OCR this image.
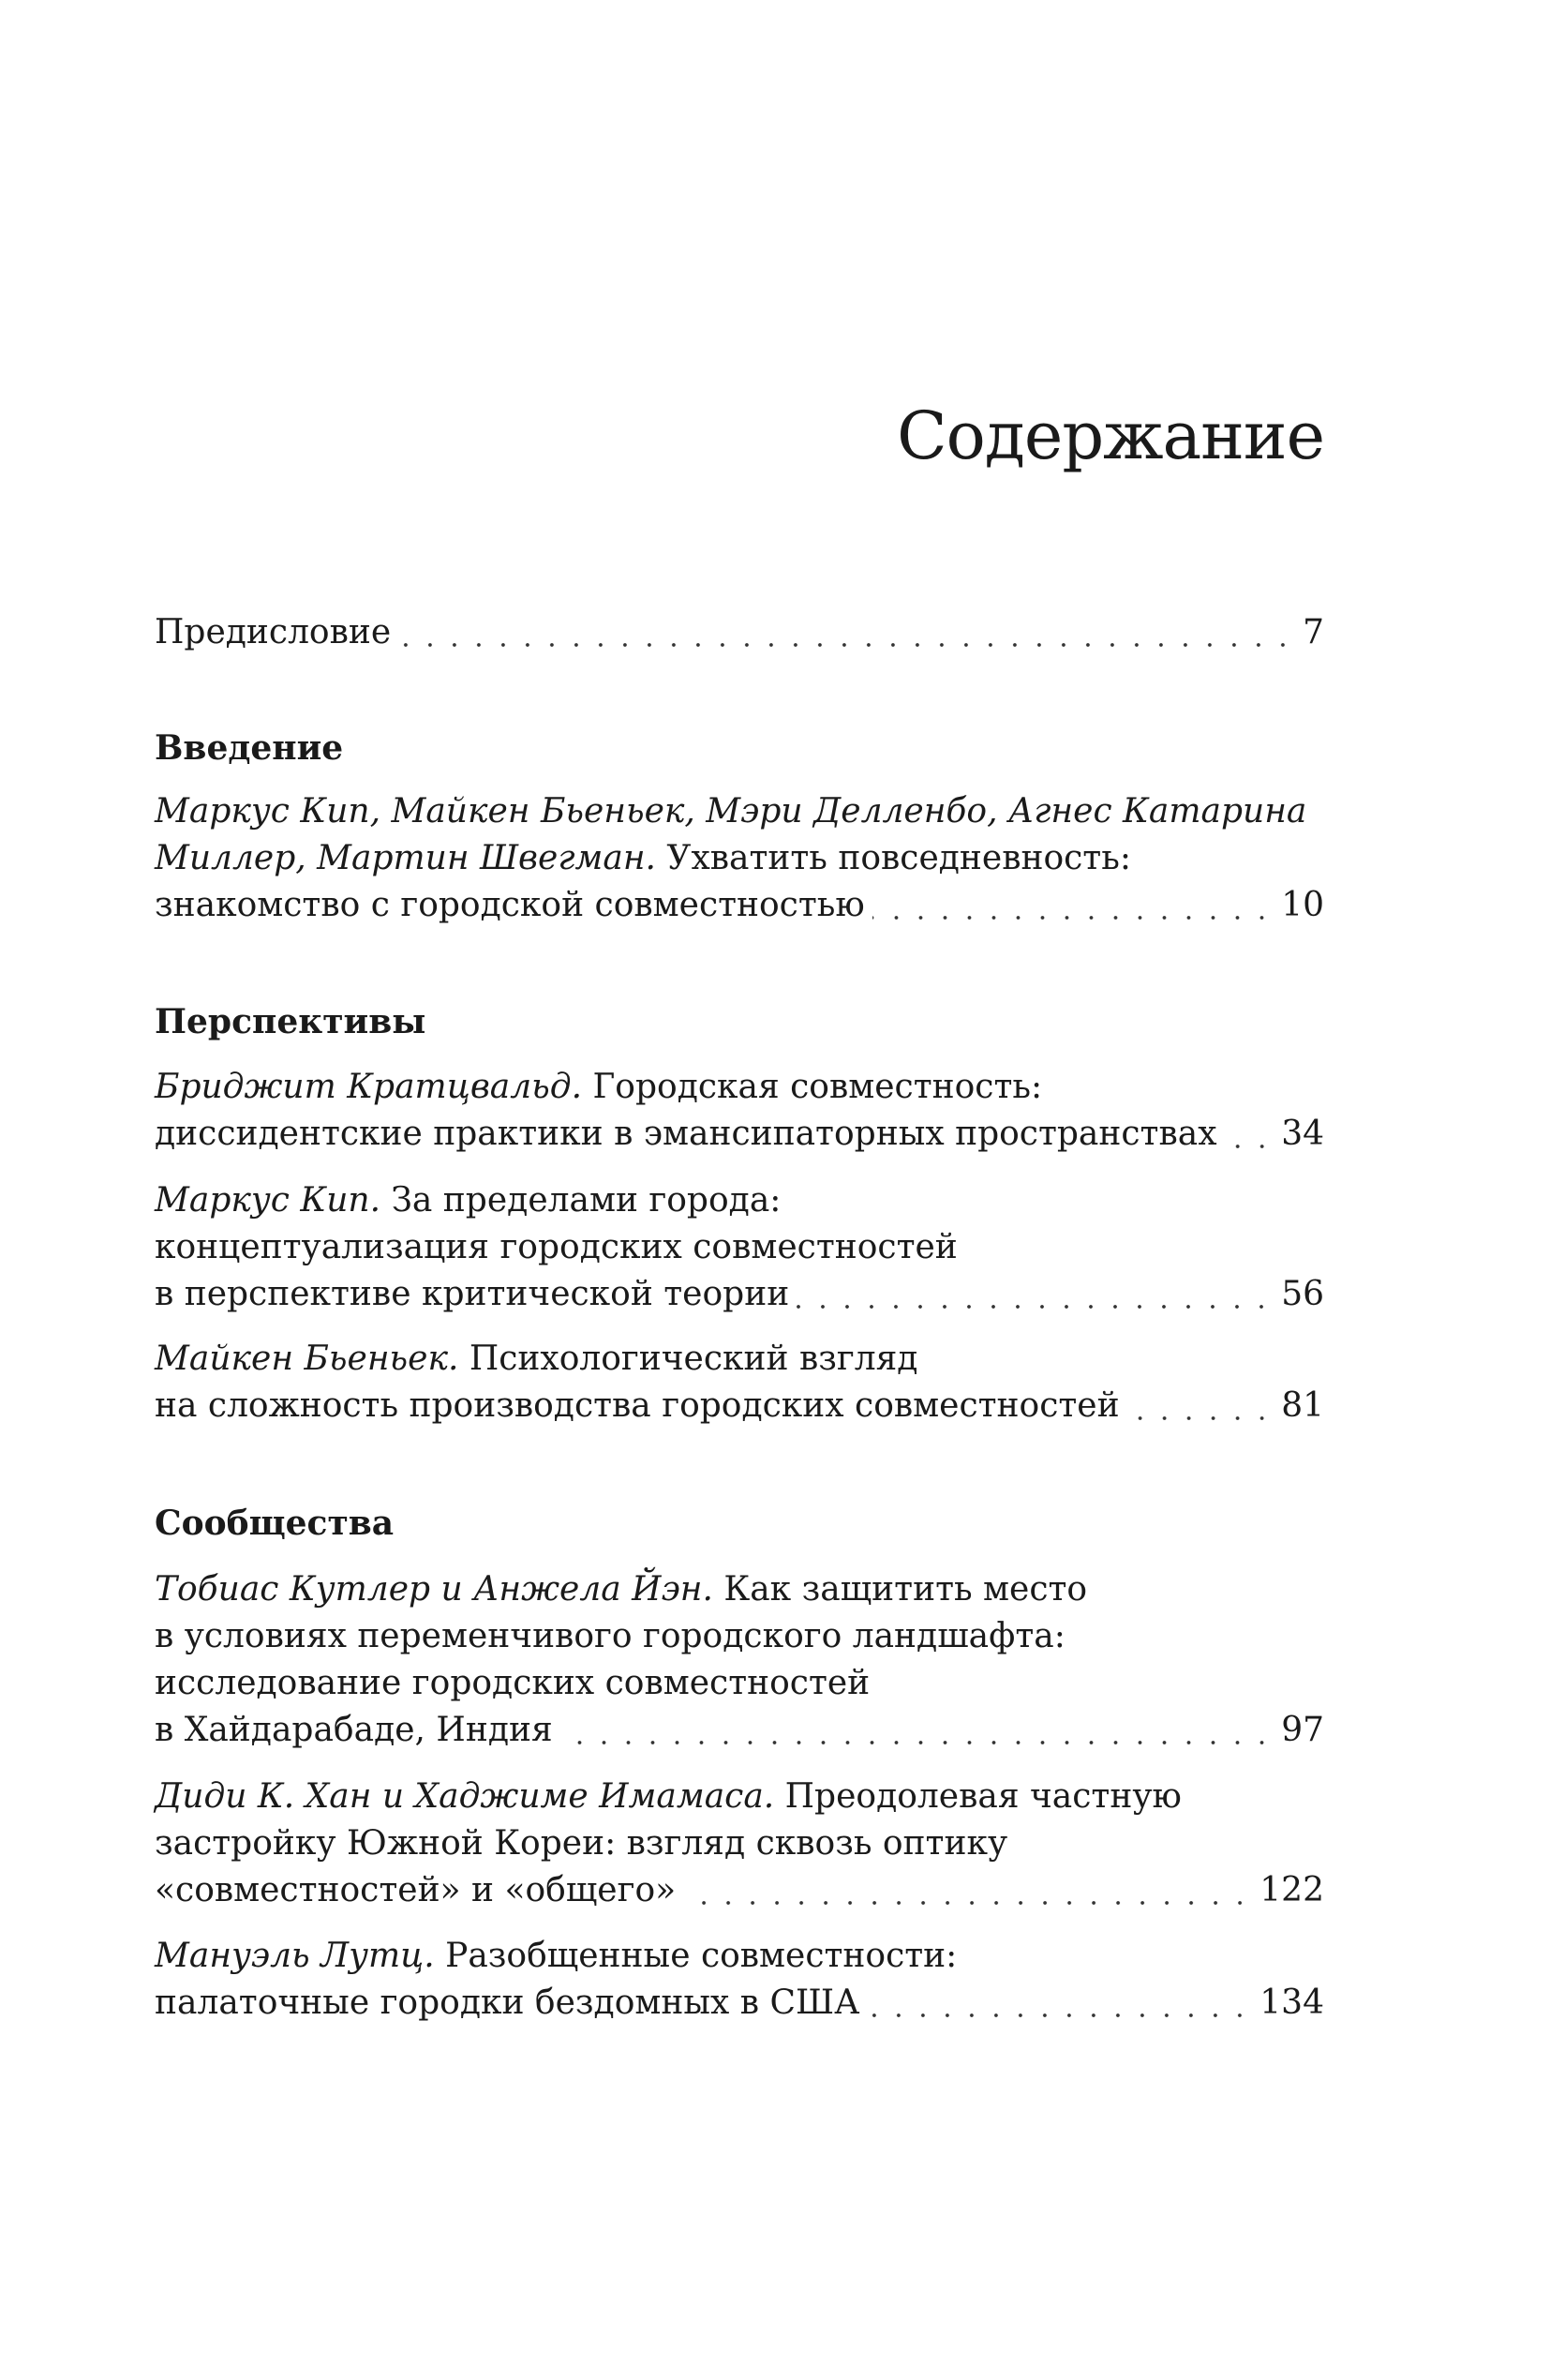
Содержание
Предисловие	7
Введение
Маркус Кип, Майкен Бьеньек, Мэри Делленбо, Агнес Катарина
Миллер, Мартин Швегман. Ухватить повседневность:
знакомство с городской совместностью	10
Перспективы
Бриджит Кратцвальд. Городская совместность:
диссидентские практики в эмансипаторных пространствах 34
Маркус Кип. За пределами города:
концептуализация городских совместностей
в перспективе критической теории	56
Майкен Бьеньек. Психологический взгляд
на сложность производства городских совместностей	81
Сообщества
Тобиас Кутлер и Анжела Йэн. Как защитить место
в условиях переменчивого городского ландшафта:
исследование городских совместностей
в Хайдарабаде, Индия	97
Диди К. Хан и Хаджиме Имамаса. Преодолевая частную
застройку Южной Кореи: взгляд сквозь оптику
«совместностей» и «общего»	122
Мануэль Лутц. Разобщенные совместности:
палаточные городки бездомных в США	134
